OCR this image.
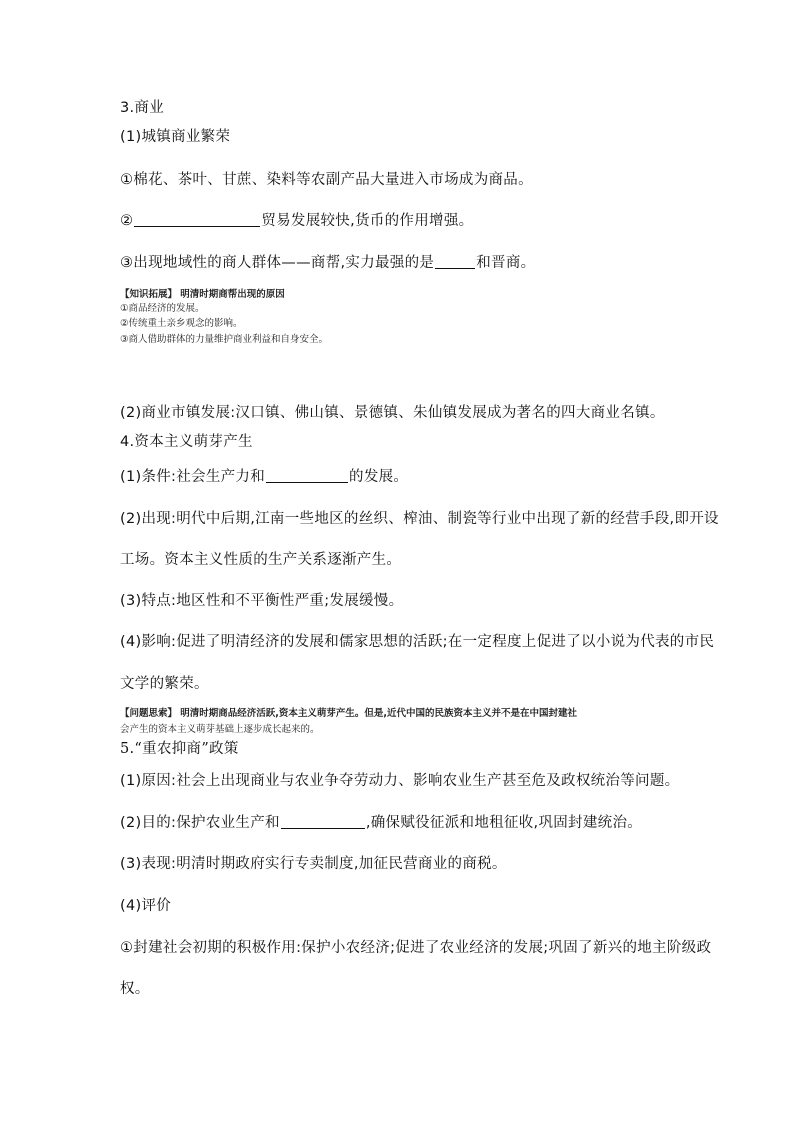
3.商业
(1)城镇商业繁荣
①棉花、茶叶、甘蔗、染料等农副产品大量进入市场成为商品。
②	贸易发展较快,货币的作用增强。
③出现地域性的商人群体——商帮,实力最强的是	和晋商。
【知识拓展】 明清时期商帮出现的原因
①商品经济的发展。
②传统重土亲乡观念的影响。
③商人借助群体的力量维护商业利益和自身安全。
(2)商业市镇发展:汉口镇、佛山镇、景德镇、朱仙镇发展成为著名的四大商业名镇。
4.资本主义萌芽产生
(1)条件:社会生产力和	的发展。
(2)出现:明代中后期,江南一些地区的丝织、榨油、制瓷等行业中出现了新的经营手段,即开设
工场。资本主义性质的生产关系逐渐产生。
(3)特点:地区性和不平衡性严重;发展缓慢。
(4)影响:促进了明清经济的发展和儒家思想的活跃;在一定程度上促进了以小说为代表的市民
文学的繁荣。
【问题思索】 明清时期商品经济活跃,资本主义萌芽产生。但是,近代中国的民族资本主义并不是在中国封建社
会产生的资本主义萌芽基础上逐步成长起来的。
5.“重农抑商”政策
(1)原因:社会上出现商业与农业争夺劳动力、影响农业生产甚至危及政权统治等问题。
(2)目的:保护农业生产和	,确保赋役征派和地租征收,巩固封建统治。
(3)表现:明清时期政府实行专卖制度,加征民营商业的商税。
(4)评价
①封建社会初期的积极作用:保护小农经济;促进了农业经济的发展;巩固了新兴的地主阶级政
权。
